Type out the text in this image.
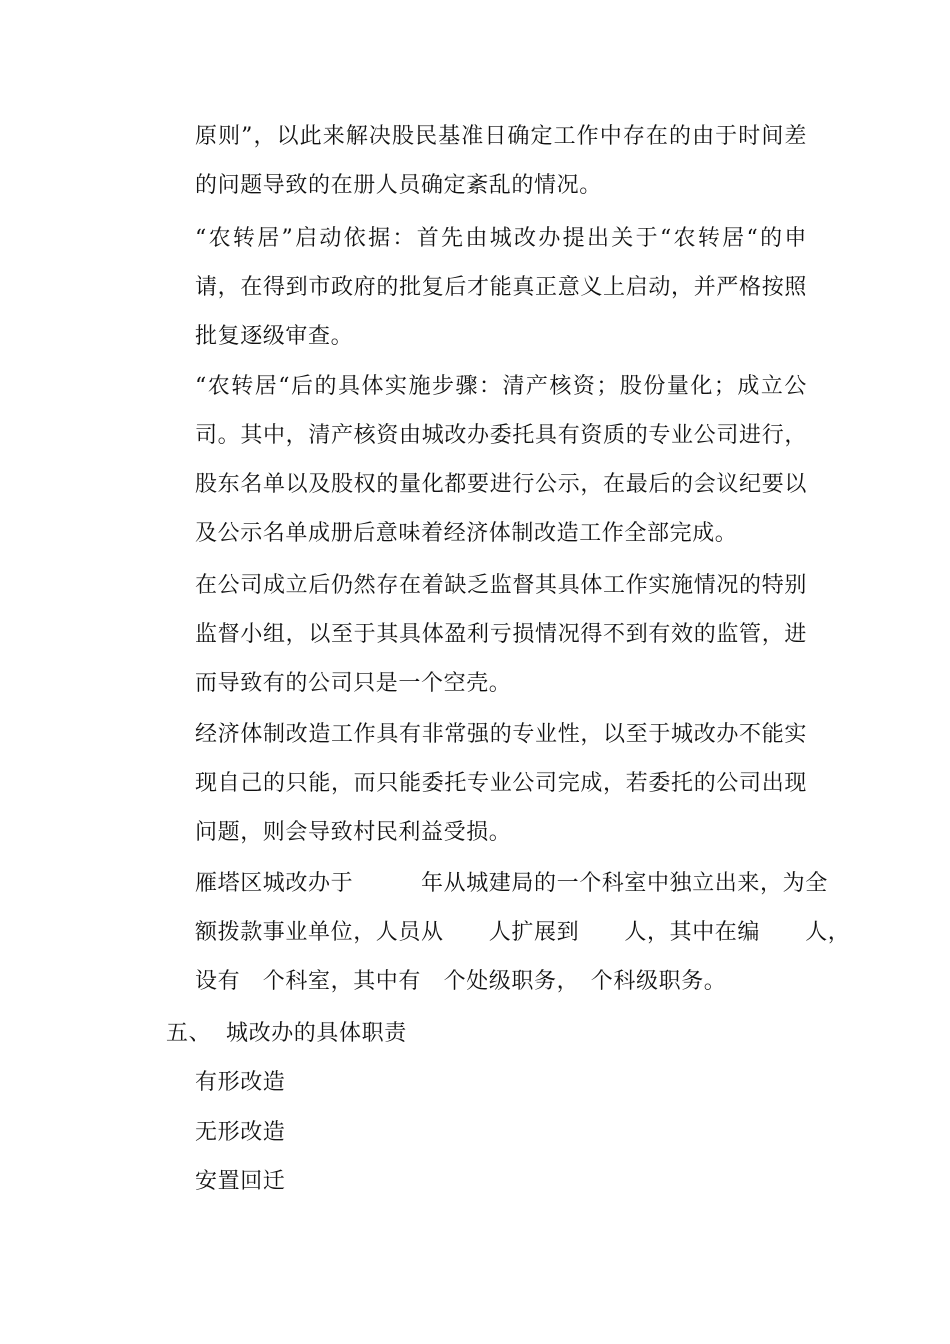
原则”，以此来解决股民基准日确定工作中存在的由于时间差
的问题导致的在册人员确定紊乱的情况。
“农转居”启动依据：首先由城改办提出关于“农转居“的申
请，在得到市政府的批复后才能真正意义上启动，并严格按照
批复逐级审查。
“农转居“后的具体实施步骤：清产核资；股份量化；成立公
司。其中，清产核资由城改办委托具有资质的专业公司进行，
股东名单以及股权的量化都要进行公示，在最后的会议纪要以
及公示名单成册后意味着经济体制改造工作全部完成。
在公司成立后仍然存在着缺乏监督其具体工作实施情况的特别
监督小组，以至于其具体盈利亏损情况得不到有效的监管，进
而导致有的公司只是一个空壳。
经济体制改造工作具有非常强的专业性，以至于城改办不能实
现自己的只能，而只能委托专业公司完成，若委托的公司出现
问题，则会导致村民利益受损。
雁塔区城改办于　　　年从城建局的一个科室中独立出来，为全
额拨款事业单位，人员从　　人扩展到　　人，其中在编　　人，
设有　个科室，其中有　个处级职务，　个科级职务。
五、 城改办的具体职责
有形改造
无形改造
安置回迁
